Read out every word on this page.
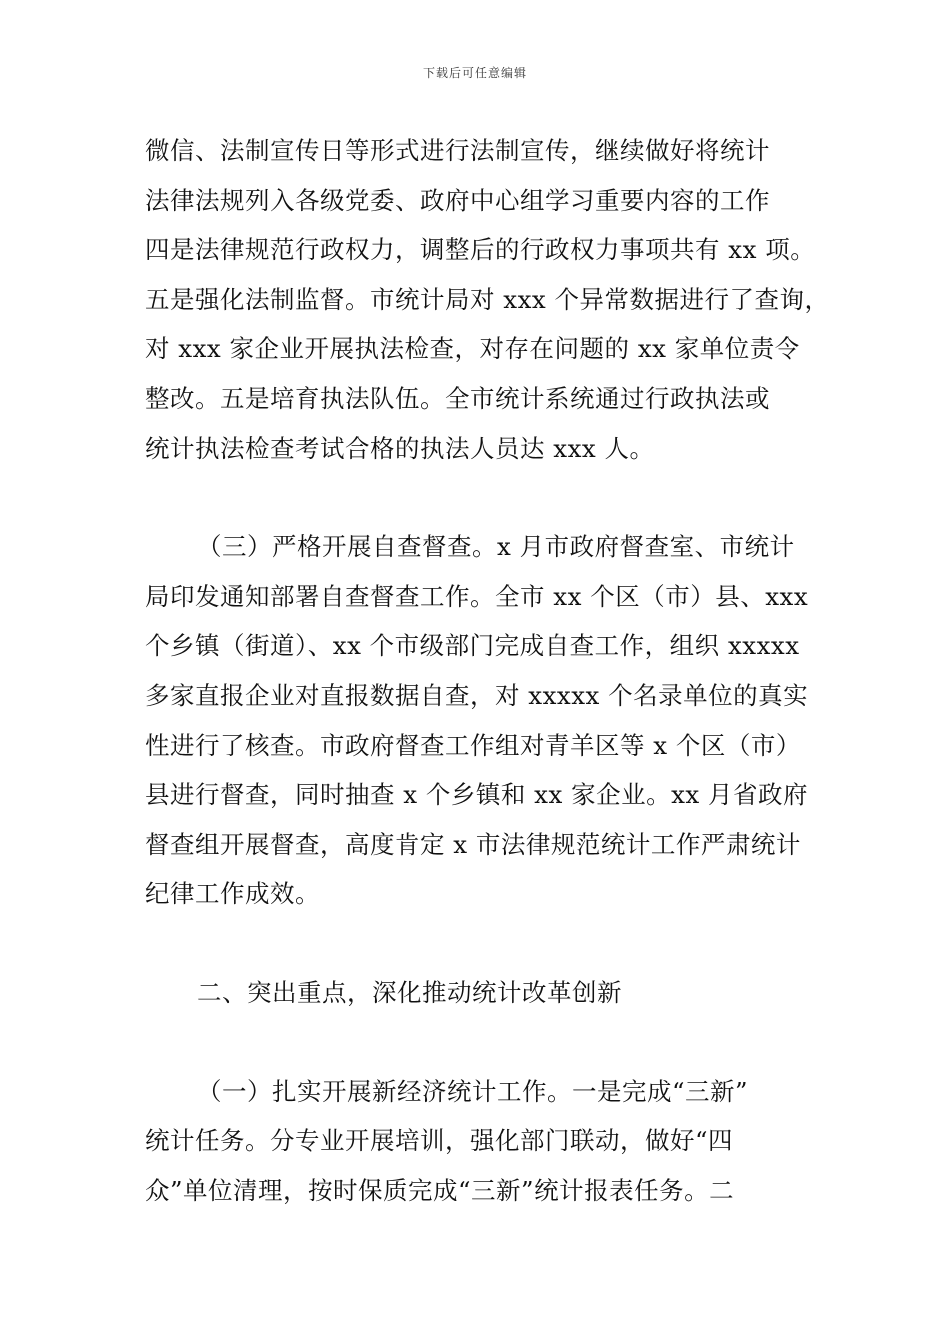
下载后可任意编辑
微信、法制宣传日等形式进行法制宣传，继续做好将统计
法律法规列入各级党委、政府中心组学习重要内容的工作
四是法律规范行政权力，调整后的行政权力事项共有 xx 项。
五是强化法制监督。市统计局对 xxx 个异常数据进行了查询，
对 xxx 家企业开展执法检查，对存在问题的 xx 家单位责令
整改。五是培育执法队伍。全市统计系统通过行政执法或
统计执法检查考试合格的执法人员达 xxx 人。
（三）严格开展自查督查。x 月市政府督查室、市统计
局印发通知部署自查督查工作。全市 xx 个区（市）县、xxx
个乡镇（街道）、xx 个市级部门完成自查工作，组织 xxxxx
多家直报企业对直报数据自查，对 xxxxx 个名录单位的真实
性进行了核查。市政府督查工作组对青羊区等 x 个区（市）
县进行督查，同时抽查 x 个乡镇和 xx 家企业。xx 月省政府
督查组开展督查，高度肯定 x 市法律规范统计工作严肃统计
纪律工作成效。
二、突出重点，深化推动统计改革创新
（一）扎实开展新经济统计工作。一是完成“三新”
统计任务。分专业开展培训，强化部门联动，做好“四
众”单位清理，按时保质完成“三新”统计报表任务。二
